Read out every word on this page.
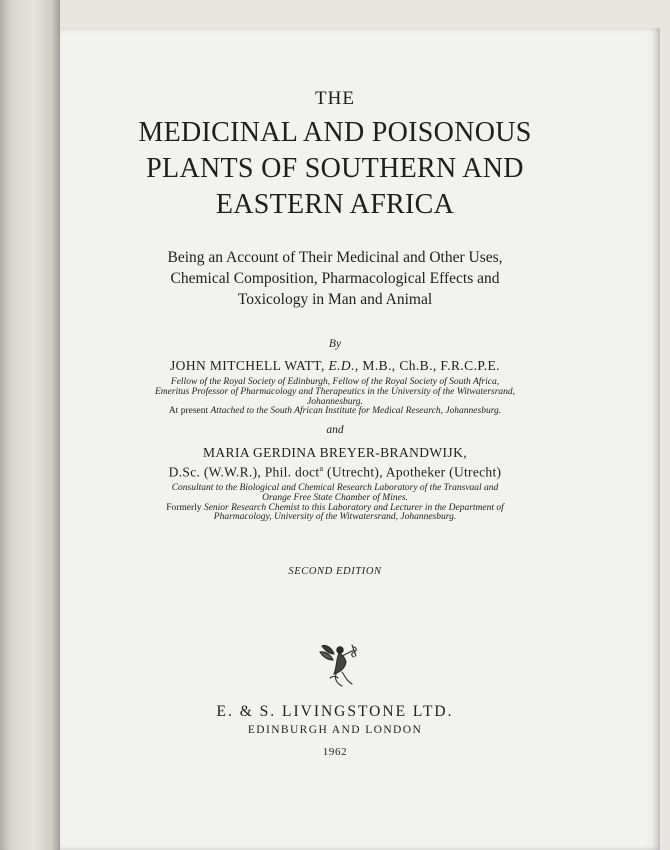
THE
MEDICINAL AND POISONOUS
PLANTS OF SOUTHERN AND
EASTERN AFRICA
Being an Account of Their Medicinal and Other Uses,
Chemical Composition, Pharmacological Effects and
Toxicology in Man and Animal
By
JOHN MITCHELL WATT, E.D., M.B., Ch.B., F.R.C.P.E.
Fellow of the Royal Society of Edinburgh, Fellow of the Royal Society of South Africa,
Emeritus Professor of Pharmacology and Therapeutics in the University of the Witwatersrand,
Johannesburg.
At present Attached to the South African Institute for Medical Research, Johannesburg.
and
MARIA GERDINA BREYER-BRANDWIJK,
D.Sc. (W.W.R.), Phil. doct$^a$ (Utrecht), Apotheker (Utrecht)
Consultant to the Biological and Chemical Research Laboratory of the Transvaal and
Orange Free State Chamber of Mines.
Formerly Senior Research Chemist to this Laboratory and Lecturer in the Department of
Pharmacology, University of the Witwatersrand, Johannesburg.
SECOND EDITION
E. & S. LIVINGSTONE LTD.
EDINBURGH AND LONDON
1962
